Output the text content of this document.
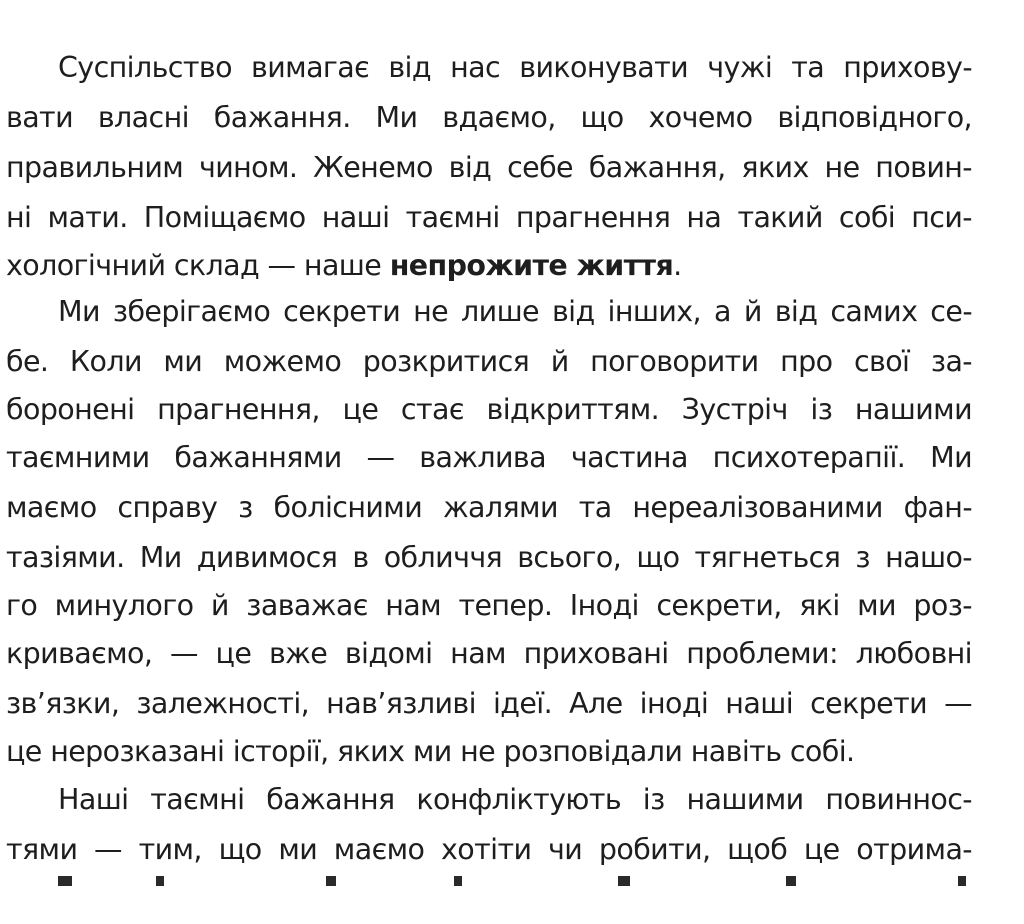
Суспільство вимагає від нас виконувати чужі та прихову-
вати власні бажання. Ми вдаємо, що хочемо відповідного,
правильним чином. Женемо від себе бажання, яких не повин-
ні мати. Поміщаємо наші таємні прагнення на такий собі пси-
хологічний склад — наше непрожите життя.
Ми зберігаємо секрети не лише від інших, а й від самих се-
бе. Коли ми можемо розкритися й поговорити про свої за-
боронені прагнення, це стає відкриттям. Зустріч із нашими
таємними бажаннями — важлива частина психотерапії. Ми
маємо справу з болісними жалями та нереалізованими фан-
тазіями. Ми дивимося в обличчя всього, що тягнеться з нашо-
го минулого й заважає нам тепер. Іноді секрети, які ми роз-
криваємо, — це вже відомі нам приховані проблеми: любовні
зв’язки, залежності, нав’язливі ідеї. Але іноді наші секрети —
це нерозказані історії, яких ми не розповідали навіть собі.
Наші таємні бажання конфліктують із нашими повиннос-
тями — тим, що ми маємо хотіти чи робити, щоб це отрима-
